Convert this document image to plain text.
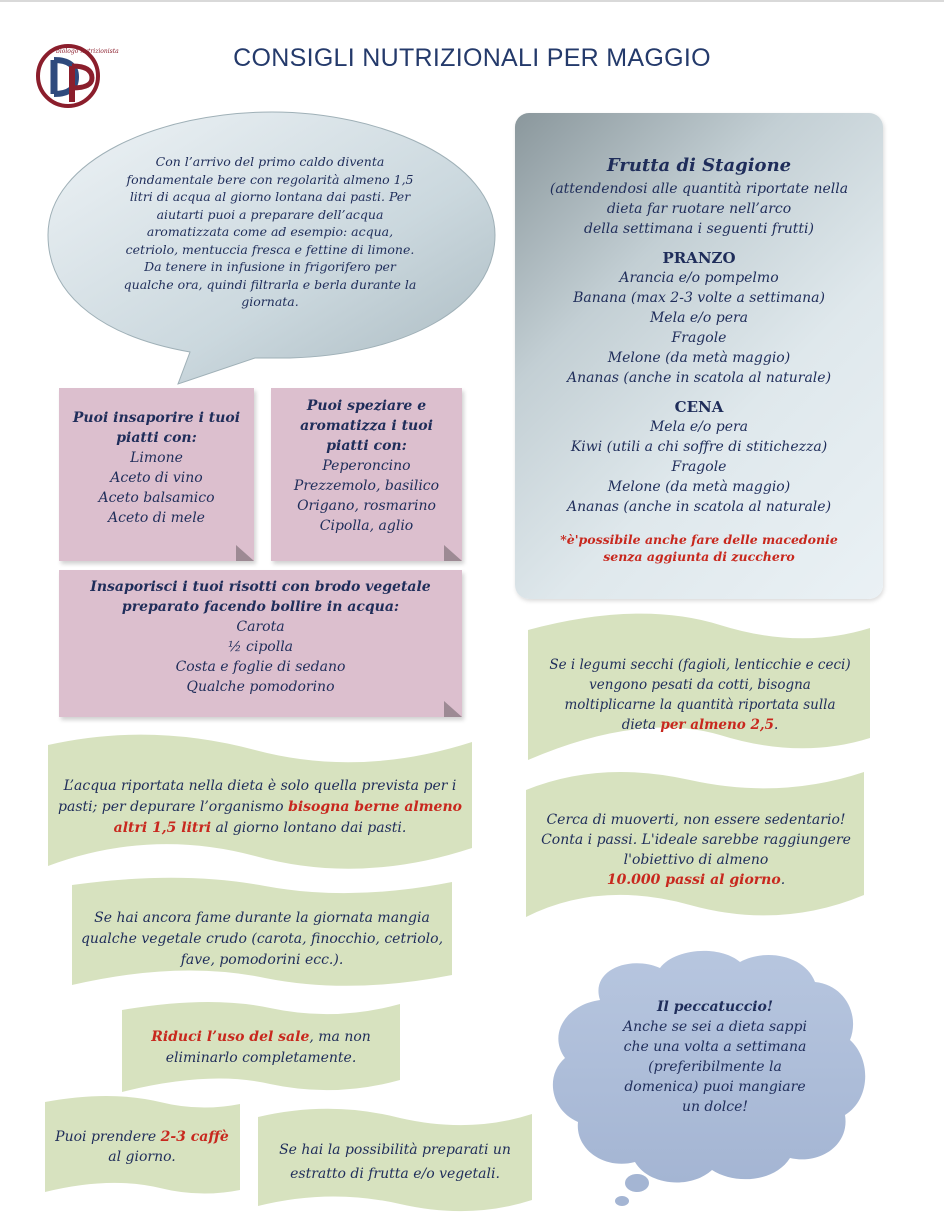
biologo nutrizionista	CONSIGLI NUTRIZIONALI PER MAGGIO
Con l’arrivo del primo caldo diventa
fondamentale bere con regolarità almeno 1,5
litri di acqua al giorno lontana dai pasti. Per
aiutarti puoi a preparare dell’acqua
aromatizzata come ad esempio: acqua,
cetriolo, mentuccia fresca e fettine di limone.
Da tenere in infusione in frigorifero per
qualche ora, quindi filtrarla e berla durante la
giornata.
Puoi insaporire i tuoi piatti con:
Limone
Aceto di vino
Aceto balsamico
Aceto di mele
Puoi speziare e
aromatizza i tuoi
piatti con:
Peperoncino
Prezzemolo, basilico
Origano, rosmarino
Cipolla, aglio
Insaporisci i tuoi risotti con brodo vegetale
preparato facendo bollire in acqua:
Carota
½ cipolla
Costa e foglie di sedano
Qualche pomodorino
Frutta di Stagione
(attendendosi alle quantità riportate nella
dieta far ruotare nell’arco
della settimana i seguenti frutti)
PRANZO
Arancia e/o pompelmo
Banana (max 2-3 volte a settimana)
Mela e/o pera
Fragole
Melone (da metà maggio)
Ananas (anche in scatola al naturale)
CENA
Mela e/o pera
Kiwi (utili a chi soffre di stitichezza)
Fragole
Melone (da metà maggio)
Ananas (anche in scatola al naturale)
*è'possibile anche fare delle macedonie
senza aggiunta di zucchero
Se i legumi secchi (fagioli, lenticchie e ceci)
vengono pesati da cotti, bisogna
moltiplicarne la quantità riportata sulla
dieta per almeno 2,5.
L’acqua riportata nella dieta è solo quella prevista per i
pasti; per depurare l’organismo bisogna berne almeno
altri 1,5 litri al giorno lontano dai pasti.	Cerca di muoverti, non essere sedentario!
Conta i passi. L'ideale sarebbe raggiungere
l'obiettivo di almeno
10.000 passi al giorno.
Se hai ancora fame durante la giornata mangia
qualche vegetale crudo (carota, finocchio, cetriolo,
fave, pomodorini ecc.).
Riduci l’uso del sale, ma non
eliminarlo completamente.
Puoi prendere 2-3 caffè
al giorno.	Se hai la possibilità preparati un
estratto di frutta e/o vegetali.
Il peccatuccio!
Anche se sei a dieta sappi
che una volta a settimana
(preferibilmente la
domenica) puoi mangiare
un dolce!
